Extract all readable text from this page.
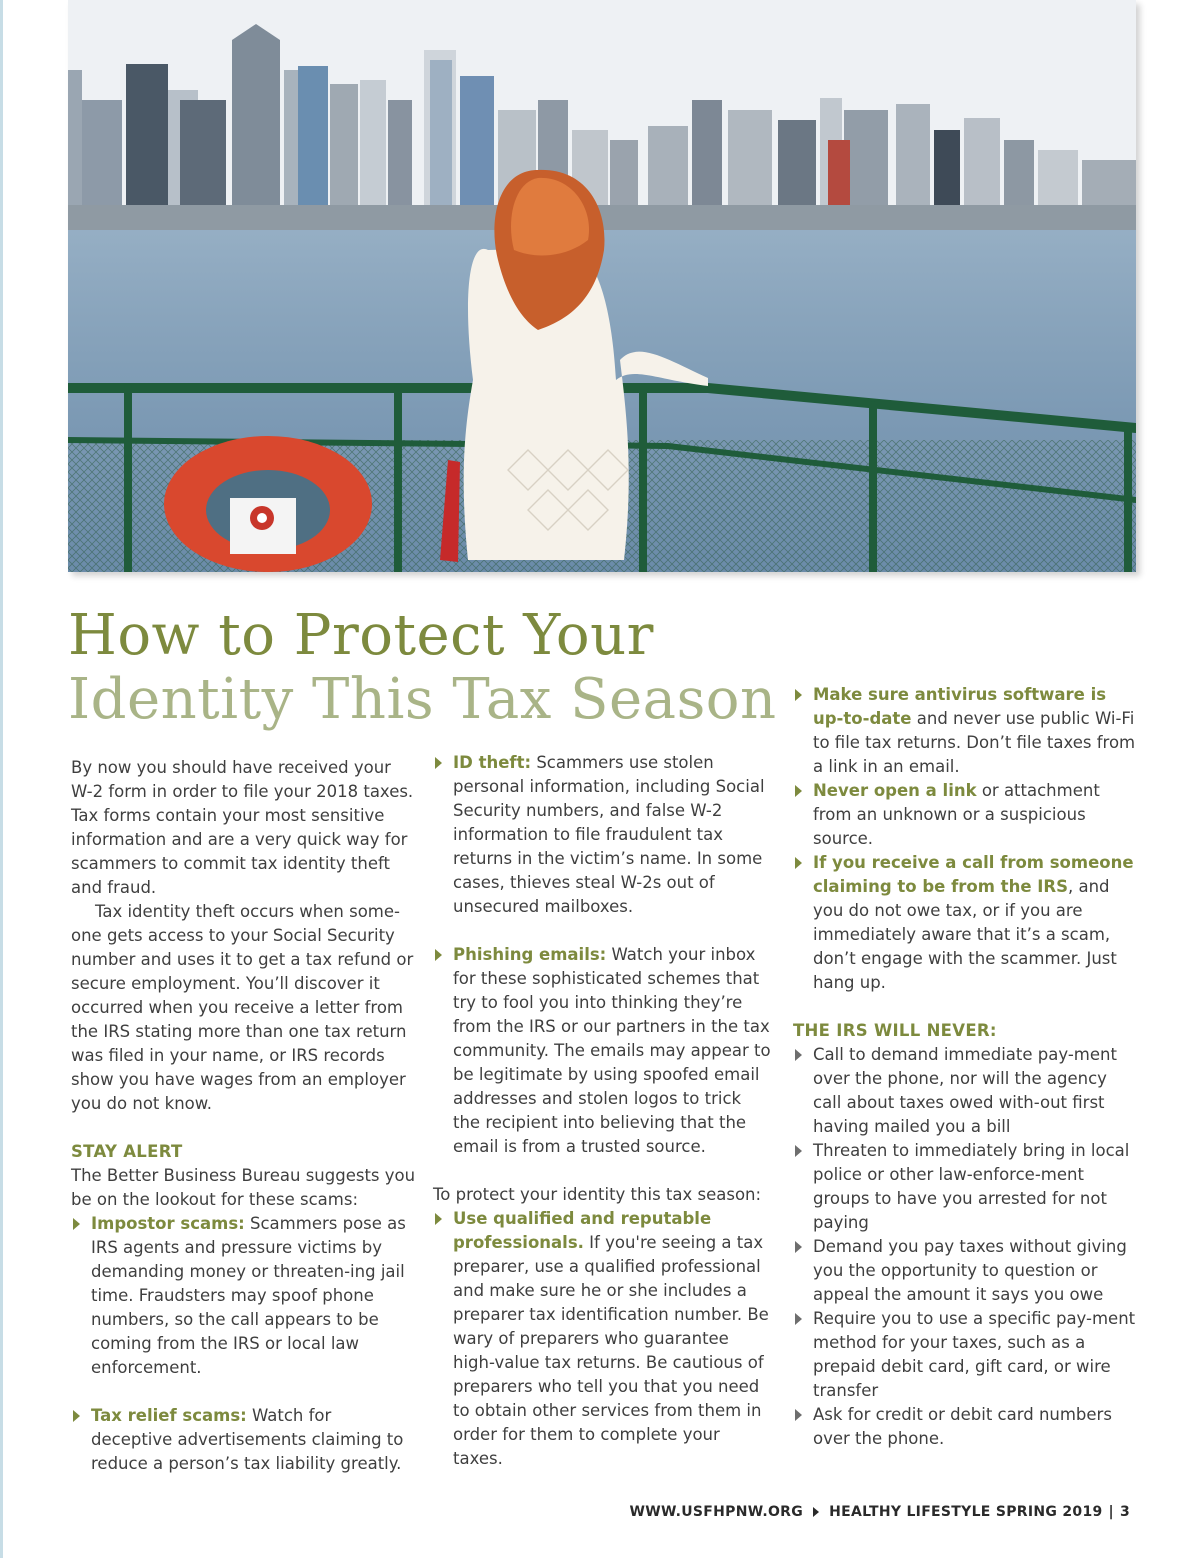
How to Protect Your
Identity This Tax Season

By now you should have received your W-2 form in order to file your 2018 taxes. Tax forms contain your most sensitive information and are a very quick way for scammers to commit tax identity theft and fraud.

Tax identity theft occurs when some-one gets access to your Social Security number and uses it to get a tax refund or secure employment. You’ll discover it occurred when you receive a letter from the IRS stating more than one tax return was filed in your name, or IRS records show you have wages from an employer you do not know.

STAY ALERT

The Better Business Bureau suggests you be on the lookout for these scams:

Impostor scams: Scammers pose as IRS agents and pressure victims by demanding money or threaten-ing jail time. Fraudsters may spoof phone numbers, so the call appears to be coming from the IRS or local law enforcement.
Tax relief scams: Watch for deceptive advertisements claiming to reduce a person’s tax liability greatly.
ID theft: Scammers use stolen personal information, including Social Security numbers, and false W-2 information to file fraudulent tax returns in the victim’s name. In some cases, thieves steal W-2s out of unsecured mailboxes.
Phishing emails: Watch your inbox for these sophisticated schemes that try to fool you into thinking they’re from the IRS or our partners in the tax community. The emails may appear to be legitimate by using spoofed email addresses and stolen logos to trick the recipient into believing that the email is from a trusted source.

To protect your identity this tax season:

Use qualified and reputable professionals. If you're seeing a tax preparer, use a qualified professional and make sure he or she includes a preparer tax identification number. Be wary of preparers who guarantee high-value tax returns. Be cautious of preparers who tell you that you need to obtain other services from them in order for them to complete your taxes.
Make sure antivirus software is up-to-date and never use public Wi-Fi to file tax returns. Don’t file taxes from a link in an email.
Never open a link or attachment from an unknown or a suspicious source.
If you receive a call from someone claiming to be from the IRS, and you do not owe tax, or if you are immediately aware that it’s a scam, don’t engage with the scammer. Just hang up.

THE IRS WILL NEVER:

Call to demand immediate pay-ment over the phone, nor will the agency call about taxes owed with-out first having mailed you a bill
Threaten to immediately bring in local police or other law-enforce-ment groups to have you arrested for not paying
Demand you pay taxes without giving you the opportunity to question or appeal the amount it says you owe
Require you to use a specific pay-ment method for your taxes, such as a prepaid debit card, gift card, or wire transfer
Ask for credit or debit card numbers over the phone.
WWW.USFHPNW.ORG HEALTHY LIFESTYLE SPRING 2019 | 3
